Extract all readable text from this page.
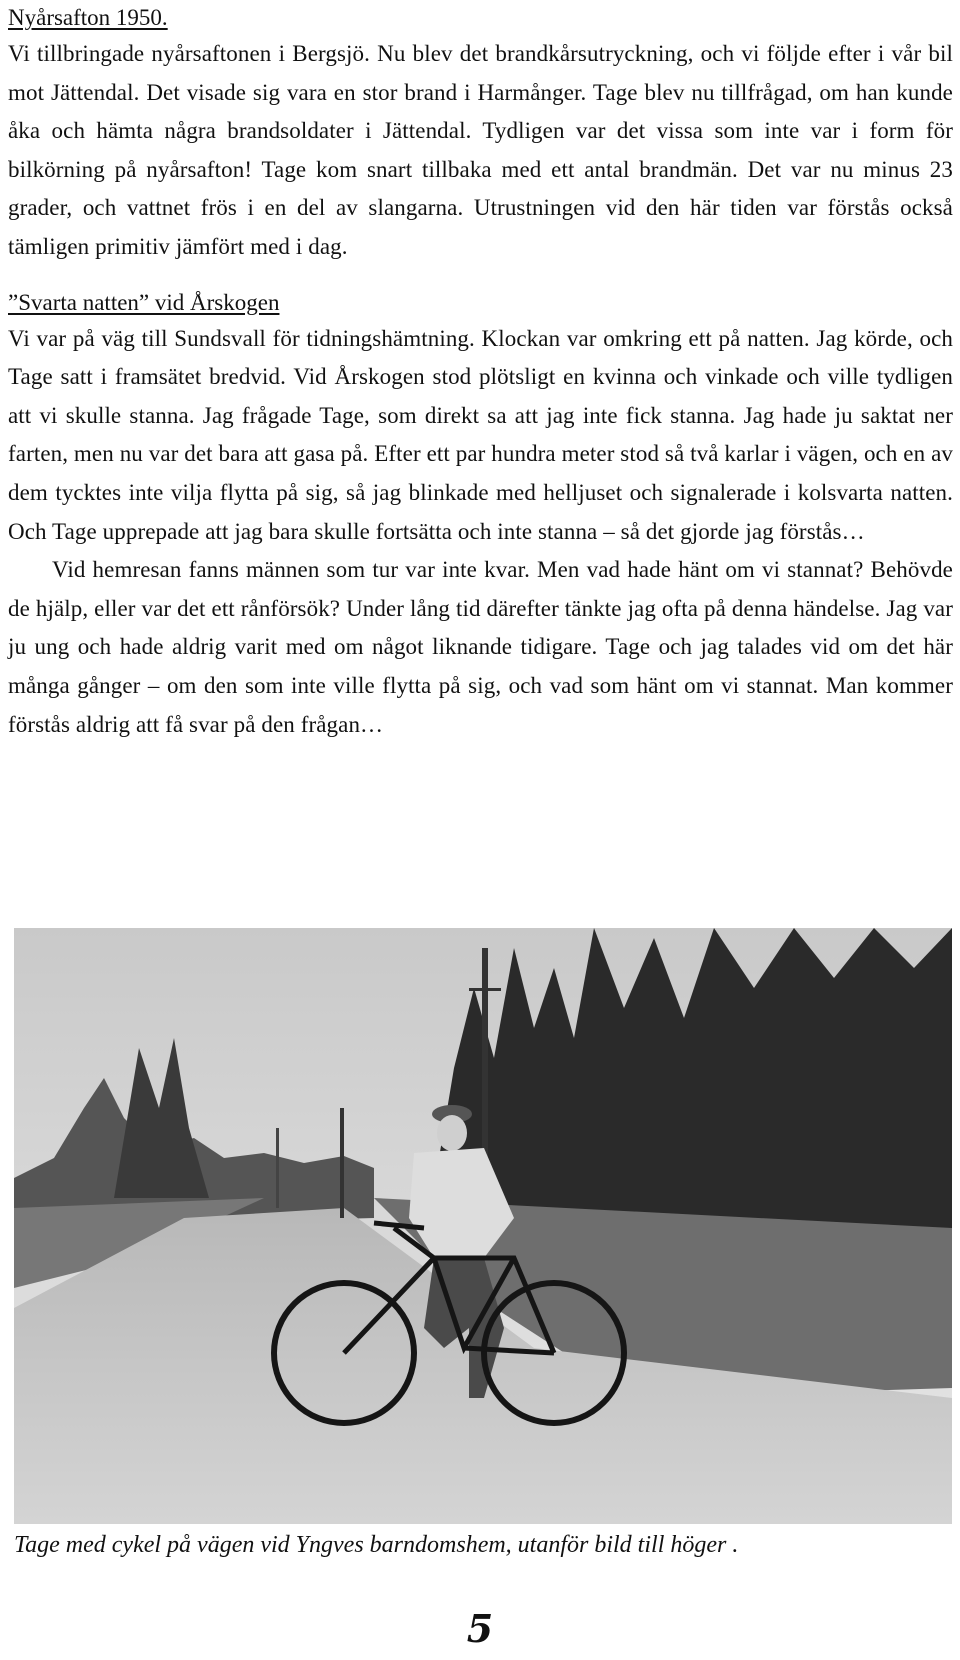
Nyårsafton 1950.

Vi tillbringade nyårsaftonen i Bergsjö. Nu blev det brandkårsutryckning, och vi följde efter i vår bil mot Jättendal. Det visade sig vara en stor brand i Harmånger. Tage blev nu tillfrågad, om han kunde åka och hämta några brandsoldater i Jättendal. Tydligen var det vissa som inte var i form för bilkörning på nyårsafton! Tage kom snart tillbaka med ett antal brandmän. Det var nu minus 23 grader, och vattnet frös i en del av slangarna. Utrustningen vid den här tiden var förstås också tämligen primitiv jämfört med i dag.

”Svarta natten” vid Årskogen

Vi var på väg till Sundsvall för tidningshämtning. Klockan var omkring ett på natten. Jag körde, och Tage satt i framsätet bredvid. Vid Årskogen stod plötsligt en kvinna och vinkade och ville tydligen att vi skulle stanna. Jag frågade Tage, som direkt sa att jag inte fick stanna. Jag hade ju saktat ner farten, men nu var det bara att gasa på. Efter ett par hundra meter stod så två karlar i vägen, och en av dem tycktes inte vilja flytta på sig, så jag blinkade med helljuset och signalerade i kolsvarta natten. Och Tage upprepade att jag bara skulle fortsätta och inte stanna – så det gjorde jag förstås…

Vid hemresan fanns männen som tur var inte kvar. Men vad hade hänt om vi stannat? Behövde de hjälp, eller var det ett rånförsök? Under lång tid därefter tänkte jag ofta på denna händelse. Jag var ju ung och hade aldrig varit med om något liknande tidigare. Tage och jag talades vid om det här många gånger – om den som inte ville flytta på sig, och vad som hänt om vi stannat. Man kommer förstås aldrig att få svar på den frågan…

Tage med cykel på vägen vid Yngves barndomshem, utanför bild till höger .
5
